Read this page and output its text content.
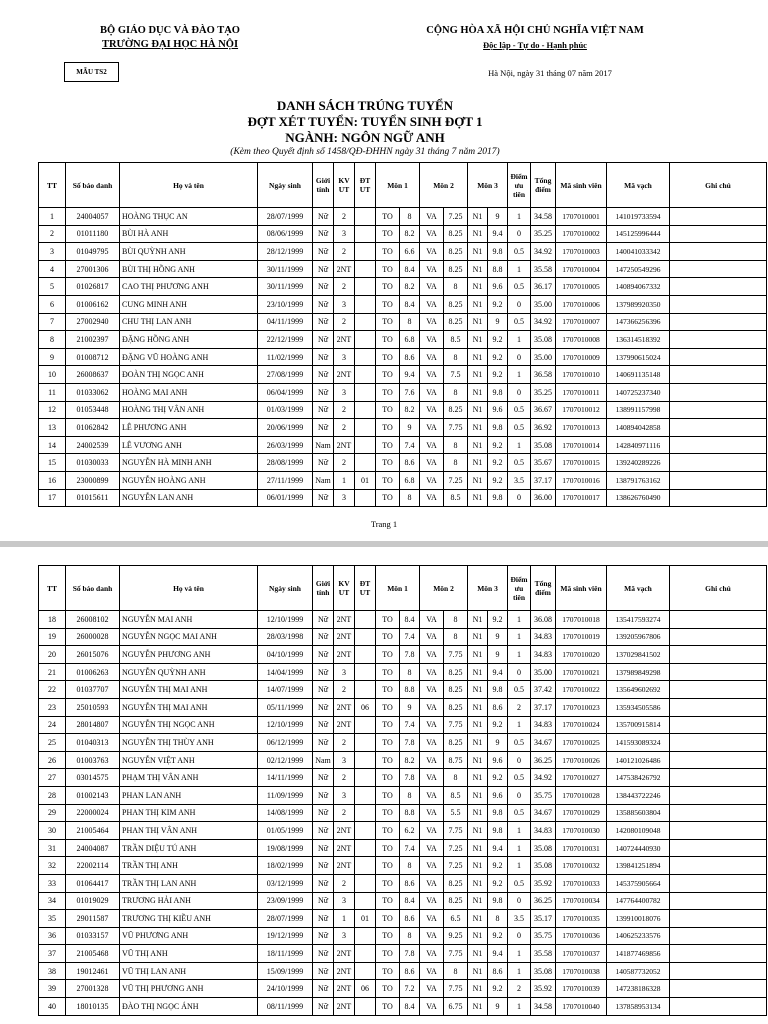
BỘ GIÁO DỤC VÀ ĐÀO TẠO
TRƯỜNG ĐẠI HỌC HÀ NỘI
CỘNG HÒA XÃ HỘI CHỦ NGHĨA VIỆT NAM
Độc lập - Tự do - Hạnh phúc
MẪU TS2	Hà Nội, ngày 31 tháng 07 năm 2017
DANH SÁCH TRÚNG TUYỂN
ĐỢT XÉT TUYỂN: TUYỂN SINH ĐỢT 1
NGÀNH: NGÔN NGỮ ANH
(Kèm theo Quyết định số 1458/QĐ-ĐHHN ngày 31 tháng 7 năm 2017)
TT	Số báo danh	Họ và tên	Ngày sinh	Giới tính	KV UT	ĐT UT	Môn 1		Môn 2		Môn 3		Điểm ưu tiên	Tổng điểm	Mã sinh viên	Mã vạch	Ghi chú
1	24004057	HOÀNG THỤC AN	28/07/1999	Nữ	2		TO	8	VA	7.25	N1	9	1	34.58	1707010001	141019733594	
2	01011180	BÙI HÀ ANH	08/06/1999	Nữ	3		TO	8.2	VA	8.25	N1	9.4	0	35.25	1707010002	145125996444	
3	01049795	BÙI QUỲNH ANH	28/12/1999	Nữ	2		TO	6.6	VA	8.25	N1	9.8	0.5	34.92	1707010003	140041033342	
4	27001306	BÙI THỊ HỒNG ANH	30/11/1999	Nữ	2NT		TO	8.4	VA	8.25	N1	8.8	1	35.58	1707010004	147250549296	
5	01026817	CAO THỊ PHƯƠNG ANH	30/11/1999	Nữ	2		TO	8.2	VA	8	N1	9.6	0.5	36.17	1707010005	140894067332	
6	01006162	CUNG MINH ANH	23/10/1999	Nữ	3		TO	8.4	VA	8.25	N1	9.2	0	35.00	1707010006	137989920350	
7	27002940	CHU THỊ LAN ANH	04/11/1999	Nữ	2		TO	8	VA	8.25	N1	9	0.5	34.92	1707010007	147366256396	
8	21002397	ĐẶNG HỒNG ANH	22/12/1999	Nữ	2NT		TO	6.8	VA	8.5	N1	9.2	1	35.08	1707010008	136314518392	
9	01008712	ĐẶNG VŨ HOÀNG ANH	11/02/1999	Nữ	3		TO	8.6	VA	8	N1	9.2	0	35.00	1707010009	137990615024	
10	26008637	ĐOÀN THỊ NGỌC ANH	27/08/1999	Nữ	2NT		TO	9.4	VA	7.5	N1	9.2	1	36.58	1707010010	140691135148	
11	01033062	HOÀNG MAI ANH	06/04/1999	Nữ	3		TO	7.6	VA	8	N1	9.8	0	35.25	1707010011	140725237340	
12	01053448	HOÀNG THỊ VÂN ANH	01/03/1999	Nữ	2		TO	8.2	VA	8.25	N1	9.6	0.5	36.67	1707010012	138991157998	
13	01062842	LÊ PHƯƠNG ANH	20/06/1999	Nữ	2		TO	9	VA	7.75	N1	9.8	0.5	36.92	1707010013	140894042858	
14	24002539	LÊ VƯƠNG ANH	26/03/1999	Nam	2NT		TO	7.4	VA	8	N1	9.2	1	35.08	1707010014	142840971116	
15	01030033	NGUYỄN HÀ MINH ANH	28/08/1999	Nữ	2		TO	8.6	VA	8	N1	9.2	0.5	35.67	1707010015	139240289226	
16	23000899	NGUYỄN HOÀNG ANH	27/11/1999	Nam	1	01	TO	6.8	VA	7.25	N1	9.2	3.5	37.17	1707010016	138791763162	
17	01015611	NGUYỄN LAN ANH	06/01/1999	Nữ	3		TO	8	VA	8.5	N1	9.8	0	36.00	1707010017	138626760490	
Trang 1
TT	Số báo danh	Họ và tên	Ngày sinh	Giới tính	KV UT	ĐT UT	Môn 1		Môn 2		Môn 3		Điểm ưu tiên	Tổng điểm	Mã sinh viên	Mã vạch	Ghi chú
18	26008102	NGUYỄN MAI ANH	12/10/1999	Nữ	2NT		TO	8.4	VA	8	N1	9.2	1	36.08	1707010018	135417593274	
19	26000028	NGUYỄN NGỌC MAI ANH	28/03/1998	Nữ	2NT		TO	7.4	VA	8	N1	9	1	34.83	1707010019	139205967806	
20	26015076	NGUYỄN PHƯƠNG ANH	04/10/1999	Nữ	2NT		TO	7.8	VA	7.75	N1	9	1	34.83	1707010020	137029841502	
21	01006263	NGUYỄN QUỲNH ANH	14/04/1999	Nữ	3		TO	8	VA	8.25	N1	9.4	0	35.00	1707010021	137989849298	
22	01037707	NGUYỄN THỊ MAI ANH	14/07/1999	Nữ	2		TO	8.8	VA	8.25	N1	9.8	0.5	37.42	1707010022	135649602692	
23	25010593	NGUYỄN THỊ MAI ANH	05/11/1999	Nữ	2NT	06	TO	9	VA	8.25	N1	8.6	2	37.17	1707010023	135934505586	
24	28014807	NGUYỄN THỊ NGỌC ANH	12/10/1999	Nữ	2NT		TO	7.4	VA	7.75	N1	9.2	1	34.83	1707010024	135700915814	
25	01040313	NGUYỄN THỊ THÙY ANH	06/12/1999	Nữ	2		TO	7.8	VA	8.25	N1	9	0.5	34.67	1707010025	141593089324	
26	01003763	NGUYỄN VIỆT ANH	02/12/1999	Nam	3		TO	8.2	VA	8.75	N1	9.6	0	36.25	1707010026	140121026486	
27	03014575	PHẠM THỊ VÂN ANH	14/11/1999	Nữ	2		TO	7.8	VA	8	N1	9.2	0.5	34.92	1707010027	147538426792	
28	01002143	PHAN LAN ANH	11/09/1999	Nữ	3		TO	8	VA	8.5	N1	9.6	0	35.75	1707010028	138443722246	
29	22000024	PHAN THỊ KIM ANH	14/08/1999	Nữ	2		TO	8.8	VA	5.5	N1	9.8	0.5	34.67	1707010029	135885603804	
30	21005464	PHAN THỊ VÂN ANH	01/05/1999	Nữ	2NT		TO	6.2	VA	7.75	N1	9.8	1	34.83	1707010030	142080109048	
31	24004087	TRẦN DIỆU TÚ ANH	19/08/1999	Nữ	2NT		TO	7.4	VA	7.25	N1	9.4	1	35.08	1707010031	140724440930	
32	22002114	TRẦN THỊ ANH	18/02/1999	Nữ	2NT		TO	8	VA	7.25	N1	9.2	1	35.08	1707010032	139841251894	
33	01064417	TRẦN THỊ LAN ANH	03/12/1999	Nữ	2		TO	8.6	VA	8.25	N1	9.2	0.5	35.92	1707010033	145375905664	
34	01019029	TRƯƠNG HẢI ANH	23/09/1999	Nữ	3		TO	8.4	VA	8.25	N1	9.8	0	36.25	1707010034	147764400782	
35	29011587	TRƯƠNG THỊ KIỀU ANH	28/07/1999	Nữ	1	01	TO	8.6	VA	6.5	N1	8	3.5	35.17	1707010035	139910018076	
36	01033157	VŨ PHƯƠNG ANH	19/12/1999	Nữ	3		TO	8	VA	9.25	N1	9.2	0	35.75	1707010036	140625233576	
37	21005468	VŨ THỊ ANH	18/11/1999	Nữ	2NT		TO	7.8	VA	7.75	N1	9.4	1	35.58	1707010037	141877469856	
38	19012461	VŨ THỊ LAN ANH	15/09/1999	Nữ	2NT		TO	8.6	VA	8	N1	8.6	1	35.08	1707010038	140587732052	
39	27001328	VŨ THỊ PHƯƠNG ANH	24/10/1999	Nữ	2NT	06	TO	7.2	VA	7.75	N1	9.2	2	35.92	1707010039	147238186328	
40	18010135	ĐÀO THỊ NGỌC ÁNH	08/11/1999	Nữ	2NT		TO	8.4	VA	6.75	N1	9	1	34.58	1707010040	137858953134	
